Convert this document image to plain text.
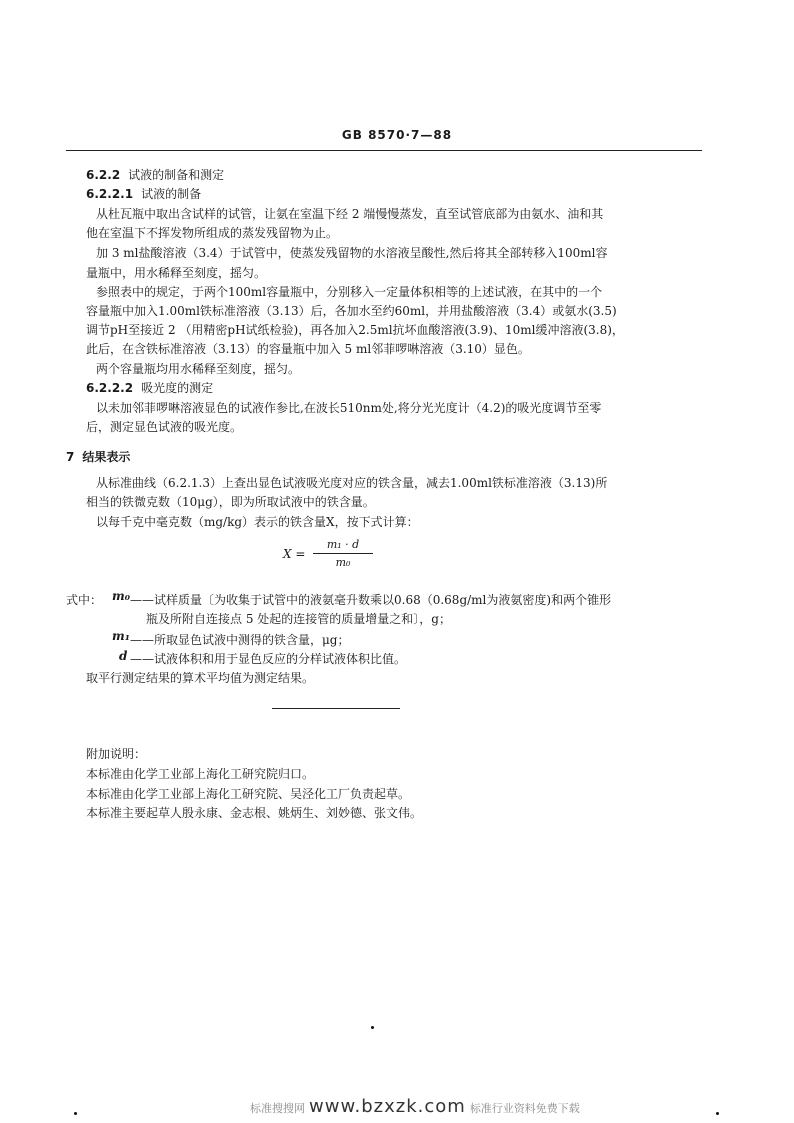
GB 8570·7—88
6.2.2 试液的制备和测定
6.2.2.1 试液的制备
从杜瓦瓶中取出含试样的试管，让氨在室温下经 2 端慢慢蒸发，直至试管底部为由氨水、油和其
他在室温下不挥发物所组成的蒸发残留物为止。
加 3 ml盐酸溶液（3.4）于试管中，使蒸发残留物的水溶液呈酸性,然后将其全部转移入100ml容
量瓶中，用水稀释至刻度，摇匀。
参照表中的规定，于两个100ml容量瓶中，分别移入一定量体积相等的上述试液，在其中的一个
容量瓶中加入1.00ml铁标准溶液（3.13）后，各加水至约60ml，并用盐酸溶液（3.4）或氨水(3.5)
调节pH至接近 2 （用精密pH试纸检验)，再各加入2.5ml抗坏血酸溶液(3.9)、10ml缓冲溶液(3.8)，
此后，在含铁标准溶液（3.13）的容量瓶中加入 5 ml邻菲啰啉溶液（3.10）显色。
两个容量瓶均用水稀释至刻度，摇匀。
6.2.2.2 吸光度的测定
以未加邻菲啰啉溶液显色的试液作参比,在波长510nm处,将分光光度计（4.2)的吸光度调节至零
后，测定显色试液的吸光度。
7 结果表示
从标准曲线（6.2.1.3）上查出显色试液吸光度对应的铁含量，减去1.00ml铁标准溶液（3.13)所
相当的铁微克数（10μg），即为所取试液中的铁含量。
以每千克中毫克数（mg/kg）表示的铁含量X，按下式计算：
$X = \frac{\text{m₁ · d}}{\text{m₀}}$
式中： m₀ ——试样质量〔为收集于试管中的液氨毫升数乘以0.68（0.68g/ml为液氨密度)和两个锥形
瓶及所附自连接点 5 处起的连接管的质量增量之和〕，g；
m₁ ——所取显色试液中测得的铁含量，μg；
d ——试液体积和用于显色反应的分样试液体积比值。
取平行测定结果的算术平均值为测定结果。
附加说明：
本标准由化学工业部上海化工研究院归口。
本标准由化学工业部上海化工研究院、吴泾化工厂负责起草。
本标准主要起草人殷永康、金志根、姚炳生、刘妙德、张文伟。
标准搜搜网 www.bzxzk.com 标准行业资料免费下载
